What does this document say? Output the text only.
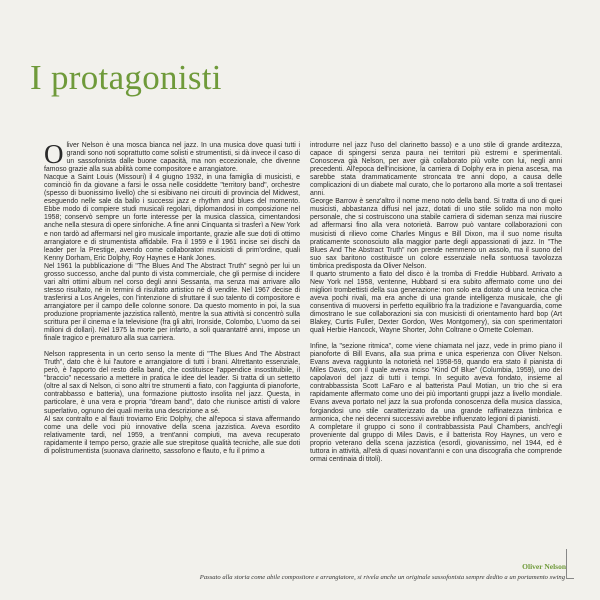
I protagonisti

Oliver Nelson è una mosca bianca nel jazz. In una musica dove quasi tutti i grandi sono noti soprattutto come solisti e strumentisti, si dà invece il caso di un sassofonista dalle buone capacità, ma non eccezionale, che divenne famoso grazie alla sua abilità come compositore e arrangiatore.

Nacque a Saint Louis (Missouri) il 4 giugno 1932, in una famiglia di musicisti, e cominciò fin da giovane a farsi le ossa nelle cosiddette "territory band", orchestre (spesso di buonissimo livello) che si esibivano nei circuiti di provincia del Midwest, eseguendo nelle sale da ballo i successi jazz e rhythm and blues del momento. Ebbe modo di compiere studi musicali regolari, diplomandosi in composizione nel 1958; conservò sempre un forte interesse per la musica classica, cimentandosi anche nella stesura di opere sinfoniche. A fine anni Cinquanta si trasferì a New York e non tardò ad affermarsi nel giro musicale importante, grazie alle sue doti di ottimo arrangiatore e di strumentista affidabile. Fra il 1959 e il 1961 incise sei dischi da leader per la Prestige, avendo come collaboratori musicisti di prim'ordine, quali Kenny Dorham, Eric Dolphy, Roy Haynes e Hank Jones.

Nel 1961 la pubblicazione di "The Blues And The Abstract Truth" segnò per lui un grosso successo, anche dal punto di vista commerciale, che gli permise di incidere vari altri ottimi album nel corso degli anni Sessanta, ma senza mai arrivare allo stesso risultato, né in termini di risultato artistico né di vendite. Nel 1967 decise di trasferirsi a Los Angeles, con l'intenzione di sfruttare il suo talento di compositore e arrangiatore per il campo delle colonne sonore. Da questo momento in poi, la sua produzione propriamente jazzistica rallentò, mentre la sua attività si concentrò sulla scrittura per il cinema e la televisione (fra gli altri, Ironside, Colombo, L'uomo da sei milioni di dollari). Nel 1975 la morte per infarto, a soli quarantatré anni, impose un finale tragico e prematuro alla sua carriera.

Nelson rappresenta in un certo senso la mente di "The Blues And The Abstract Truth", dato che è lui l'autore e arrangiatore di tutti i brani. Altrettanto essenziale, però, è l'apporto del resto della band, che costituisce l'appendice insostituibile, il "braccio" necessario a mettere in pratica le idee del leader. Si tratta di un settetto (oltre al sax di Nelson, ci sono altri tre strumenti a fiato, con l'aggiunta di pianoforte, contrabbasso e batteria), una formazione piuttosto insolita nel jazz. Questa, in particolare, è una vera e propria "dream band", dato che riunisce artisti di valore superlativo, ognuno dei quali merita una descrizione a sé.

Al sax contralto e al flauti troviamo Eric Dolphy, che all'epoca si stava affermando come una delle voci più innovative della scena jazzistica. Aveva esordito relativamente tardi, nel 1959, a trent'anni compiuti, ma aveva recuperato rapidamente il tempo perso, grazie alle sue strepitose qualità tecniche, alle sue doti di polistrumentista (suonava clarinetto, sassofono e flauto, e fu il primo a

introdurre nel jazz l'uso del clarinetto basso) e a uno stile di grande arditezza, capace di spingersi senza paura nei territori più estremi e sperimentali. Conosceva già Nelson, per aver già collaborato più volte con lui, negli anni precedenti. All'epoca dell'incisione, la carriera di Dolphy era in piena ascesa, ma sarebbe stata drammaticamente stroncata tre anni dopo, a causa delle complicazioni di un diabete mal curato, che lo portarono alla morte a soli trentasei anni.

George Barrow è senz'altro il nome meno noto della band. Si tratta di uno di quei musicisti, abbastanza diffusi nel jazz, dotati di uno stile solido ma non molto personale, che si costruiscono una stabile carriera di sideman senza mai riuscire ad affermarsi fino alla vera notorietà. Barrow può vantare collaborazioni con musicisti di rilievo come Charles Mingus e Bill Dixon, ma il suo nome risulta praticamente sconosciuto alla maggior parte degli appassionati di jazz. In "The Blues And The Abstract Truth" non prende nemmeno un assolo, ma il suono del suo sax baritono costituisce un colore essenziale nella sontuosa tavolozza timbrica predisposta da Oliver Nelson.

Il quarto strumento a fiato del disco è la tromba di Freddie Hubbard. Arrivato a New York nel 1958, ventenne, Hubbard si era subito affermato come uno dei migliori trombettisti della sua generazione: non solo era dotato di una tecnica che aveva pochi rivali, ma era anche di una grande intelligenza musicale, che gli consentiva di muoversi in perfetto equilibrio fra la tradizione e l'avanguardia, come dimostrano le sue collaborazioni sia con musicisti di orientamento hard bop (Art Blakey, Curtis Fuller, Dexter Gordon, Wes Montgomery), sia con sperimentatori quali Herbie Hancock, Wayne Shorter, John Coltrane o Ornette Coleman.

Infine, la "sezione ritmica", come viene chiamata nel jazz, vede in primo piano il pianoforte di Bill Evans, alla sua prima e unica esperienza con Oliver Nelson. Evans aveva raggiunto la notorietà nel 1958-59, quando era stato il pianista di Miles Davis, con il quale aveva inciso "Kind Of Blue" (Columbia, 1959), uno dei capolavori del jazz di tutti i tempi. In seguito aveva fondato, insieme al contrabbassista Scott LaFaro e al batterista Paul Motian, un trio che si era rapidamente affermato come uno dei più importanti gruppi jazz a livello mondiale. Evans aveva portato nel jazz la sua profonda conoscenza della musica classica, forgiandosi uno stile caratterizzato da una grande raffinatezza timbrica e armonica, che nei decenni successivi avrebbe influenzato legioni di pianisti.

A completare il gruppo ci sono il contrabbassista Paul Chambers, anch'egli proveniente dal gruppo di Miles Davis, e il batterista Roy Haynes, un vero e proprio veterano della scena jazzistica (esordì, giovanissimo, nel 1944, ed è tuttora in attività, all'età di quasi novant'anni e con una discografia che comprende ormai centinaia di titoli).

Oliver Nelson
Passato alla storia come abile compositore e arrangiatore, si rivela anche un originale sassofonista sempre dedito a un portamento swing
